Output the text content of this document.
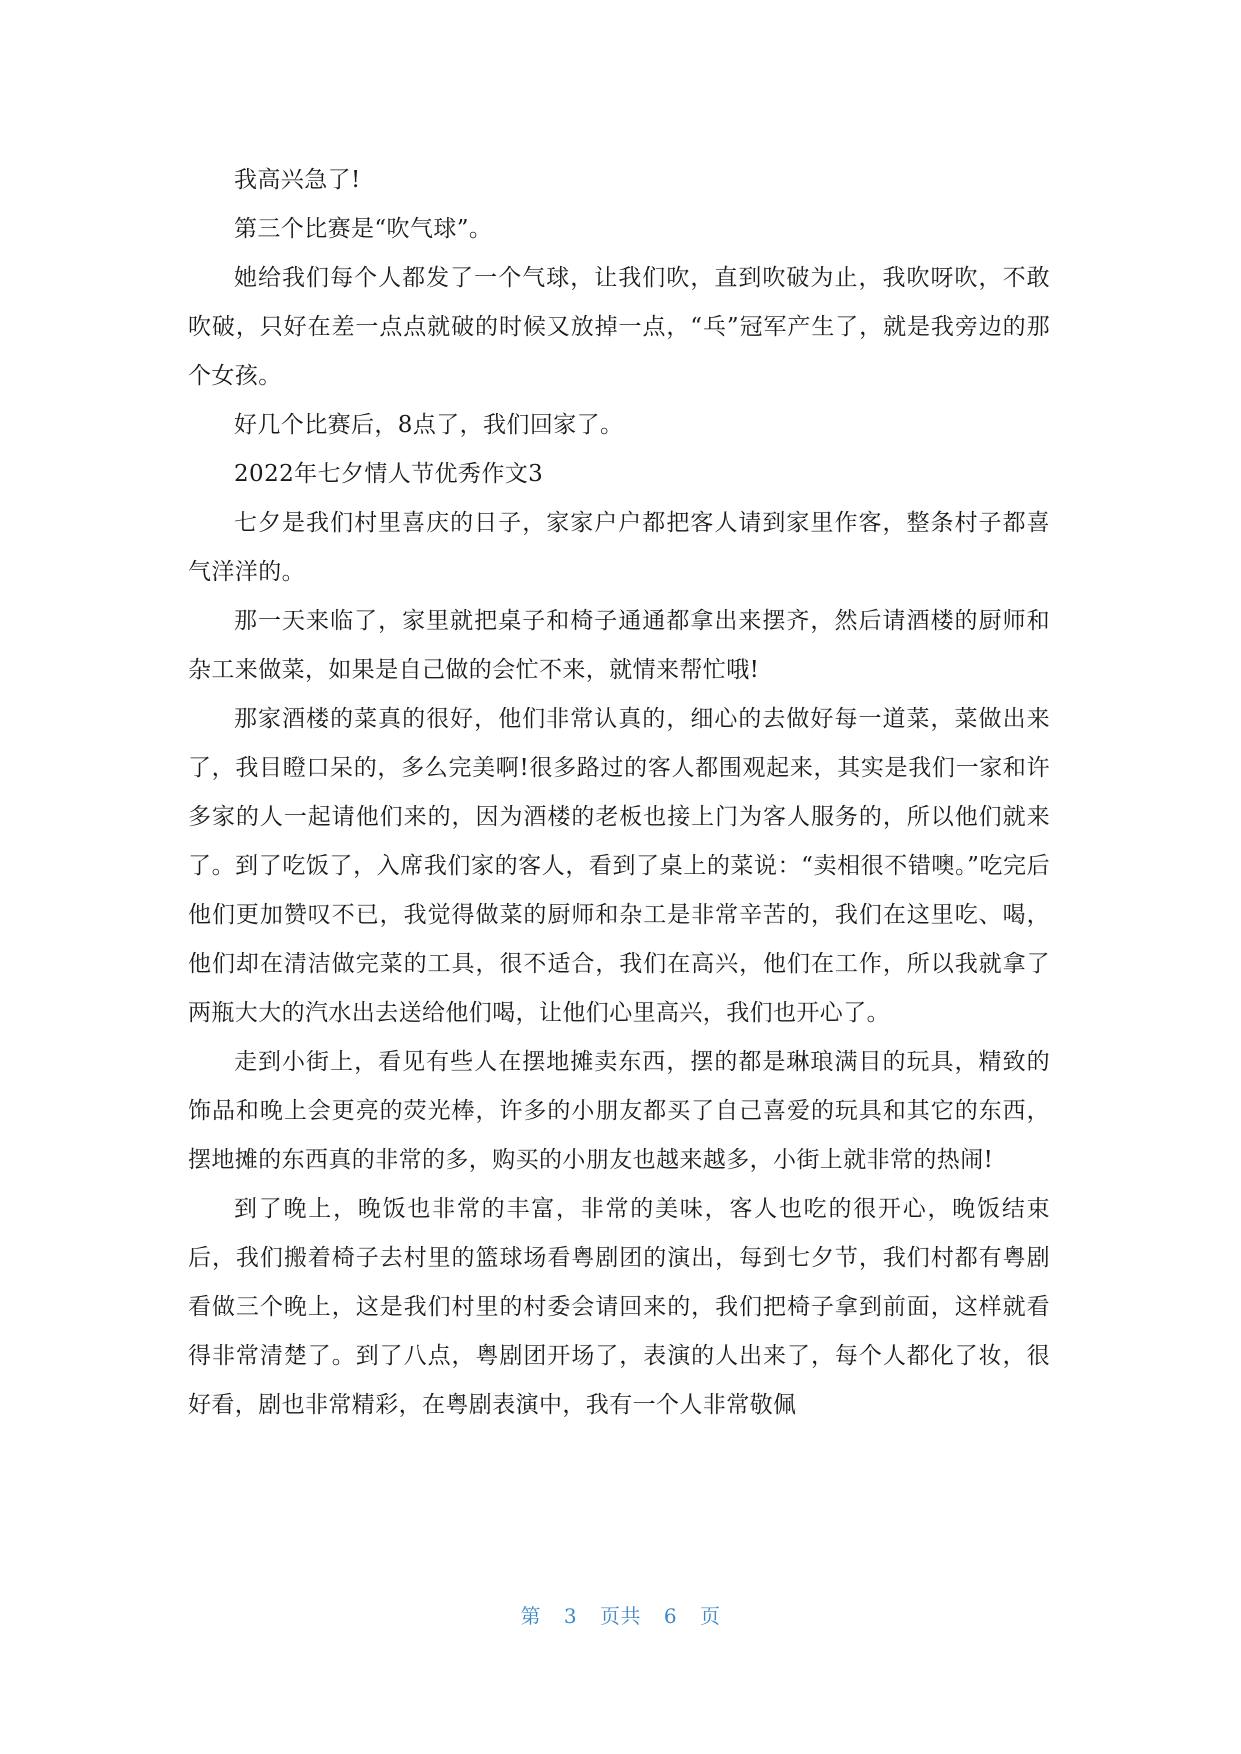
我高兴急了!

第三个比赛是“吹气球”。

她给我们每个人都发了一个气球，让我们吹，直到吹破为止，我吹呀吹，不敢吹破，只好在差一点点就破的时候又放掉一点，“乓”冠军产生了，就是我旁边的那个女孩。

好几个比赛后，8点了，我们回家了。

2022年七夕情人节优秀作文3

七夕是我们村里喜庆的日子，家家户户都把客人请到家里作客，整条村子都喜气洋洋的。

那一天来临了，家里就把桌子和椅子通通都拿出来摆齐，然后请酒楼的厨师和杂工来做菜，如果是自己做的会忙不来，就情来帮忙哦!

那家酒楼的菜真的很好，他们非常认真的，细心的去做好每一道菜，菜做出来了，我目瞪口呆的，多么完美啊!很多路过的客人都围观起来，其实是我们一家和许多家的人一起请他们来的，因为酒楼的老板也接上门为客人服务的，所以他们就来了。到了吃饭了，入席我们家的客人，看到了桌上的菜说：“卖相很不错噢。”吃完后他们更加赞叹不已，我觉得做菜的厨师和杂工是非常辛苦的，我们在这里吃、喝，他们却在清洁做完菜的工具，很不适合，我们在高兴，他们在工作，所以我就拿了两瓶大大的汽水出去送给他们喝，让他们心里高兴，我们也开心了。

走到小街上，看见有些人在摆地摊卖东西，摆的都是琳琅满目的玩具，精致的饰品和晚上会更亮的荧光棒，许多的小朋友都买了自己喜爱的玩具和其它的东西，摆地摊的东西真的非常的多，购买的小朋友也越来越多，小街上就非常的热闹!

到了晚上，晚饭也非常的丰富，非常的美味，客人也吃的很开心，晚饭结束后，我们搬着椅子去村里的篮球场看粤剧团的演出，每到七夕节，我们村都有粤剧看做三个晚上，这是我们村里的村委会请回来的，我们把椅子拿到前面，这样就看得非常清楚了。到了八点，粤剧团开场了，表演的人出来了，每个人都化了妆，很好看，剧也非常精彩，在粤剧表演中，我有一个人非常敬佩

第 3 页共 6 页
